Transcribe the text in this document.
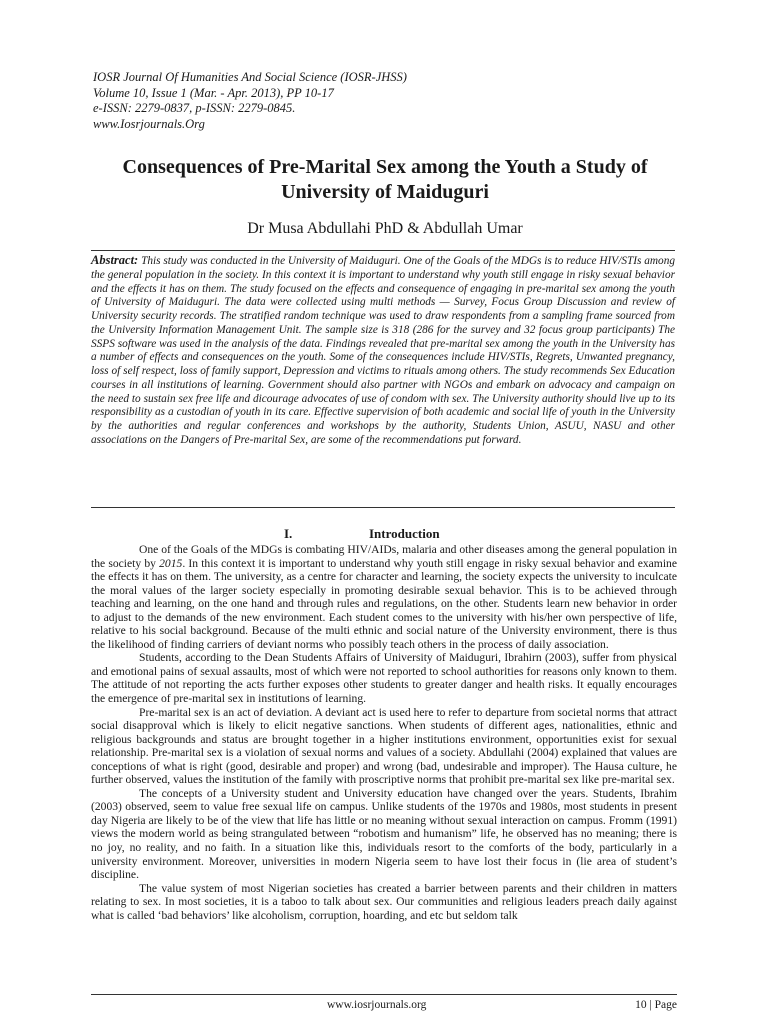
IOSR Journal Of Humanities And Social Science (IOSR-JHSS)
Volume 10, Issue 1 (Mar. - Apr. 2013), PP 10-17
e-ISSN: 2279-0837, p-ISSN: 2279-0845.
www.Iosrjournals.Org
Consequences of Pre-Marital Sex among the Youth a Study of University of Maiduguri
Dr Musa Abdullahi PhD & Abdullah Umar

Abstract: This study was conducted in the University of Maiduguri. One of the Goals of the MDGs is to reduce HIV/STIs among the general population in the society. In this context it is important to understand why youth still engage in risky sexual behavior and the effects it has on them. The study focused on the effects and consequence of engaging in pre-marital sex among the youth of University of Maiduguri. The data were collected using multi methods — Survey, Focus Group Discussion and review of University security records. The stratified random technique was used to draw respondents from a sampling frame sourced from the University Information Management Unit. The sample size is 318 (286 for the survey and 32 focus group participants) The SSPS software was used in the analysis of the data. Findings revealed that pre-marital sex among the youth in the University has a number of effects and consequences on the youth. Some of the consequences include HIV/STIs, Regrets, Unwanted pregnancy, loss of self respect, loss of family support, Depression and victims to rituals among others. The study recommends Sex Education courses in all institutions of learning. Government should also partner with NGOs and embark on advocacy and campaign on the need to sustain sex free life and dicourage advocates of use of condom with sex. The University authority should live up to its responsibility as a custodian of youth in its care. Effective supervision of both academic and social life of youth in the University by the authorities and regular conferences and workshops by the authority, Students Union, ASUU, NASU and other associations on the Dangers of Pre-marital Sex, are some of the recommendations put forward.

I.	Introduction

One of the Goals of the MDGs is combating HIV/AIDs, malaria and other diseases among the general population in the society by 2015. In this context it is important to understand why youth still engage in risky sexual behavior and examine the effects it has on them. The university, as a centre for character and learning, the society expects the university to inculcate the moral values of the larger society especially in promoting desirable sexual behavior. This is to be achieved through teaching and learning, on the one hand and through rules and regulations, on the other. Students learn new behavior in order to adjust to the demands of the new environment. Each student comes to the university with his/her own perspective of life, relative to his social background. Because of the multi ethnic and social nature of the University environment, there is thus the likelihood of finding carriers of deviant norms who possibly teach others in the process of daily association.

Students, according to the Dean Students Affairs of University of Maiduguri, Ibrahirn (2003), suffer from physical and emotional pains of sexual assaults, most of which were not reported to school authorities for reasons only known to them. The attitude of not reporting the acts further exposes other students to greater danger and health risks. It equally encourages the emergence of pre-marital sex in institutions of learning.

Pre-marital sex is an act of deviation. A deviant act is used here to refer to departure from societal norms that attract social disapproval which is likely to elicit negative sanctions. When students of different ages, nationalities, ethnic and religious backgrounds and status are brought together in a higher institutions environment, opportunities exist for sexual relationship. Pre-marital sex is a violation of sexual norms and values of a society. Abdullahi (2004) explained that values are conceptions of what is right (good, desirable and proper) and wrong (bad, undesirable and improper). The Hausa culture, he further observed, values the institution of the family with proscriptive norms that prohibit pre-marital sex like pre-marital sex.

The concepts of a University student and University education have changed over the years. Students, Ibrahim (2003) observed, seem to value free sexual life on campus. Unlike students of the 1970s and 1980s, most students in present day Nigeria are likely to be of the view that life has little or no meaning without sexual interaction on campus. Fromm (1991) views the modern world as being strangulated between “robotism and humanism” life, he observed has no meaning; there is no joy, no reality, and no faith. In a situation like this, individuals resort to the comforts of the body, particularly in a university environment. Moreover, universities in modern Nigeria seem to have lost their focus in (lie area of student’s discipline.

The value system of most Nigerian societies has created a barrier between parents and their children in matters relating to sex. In most societies, it is a taboo to talk about sex. Our communities and religious leaders preach daily against what is called ‘bad behaviors’ like alcoholism, corruption, hoarding, and etc but seldom talk

www.iosrjournals.org	10 | Page
